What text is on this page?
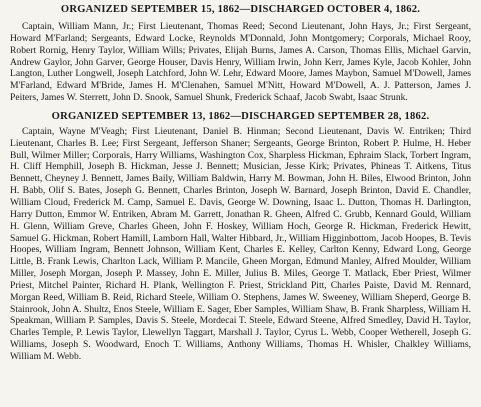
ORGANIZED SEPTEMBER 15, 1862—DISCHARGED OCTOBER 4, 1862.

Captain, William Mann, Jr.; First Lieutenant, Thomas Reed; Second Lieutenant, John Hays, Jr.; First Sergeant, Howard M'Farland; Sergeants, Edward Locke, Reynolds M'Donnald, John Montgomery; Corporals, Michael Rooy, Robert Rornig, Henry Taylor, William Wills; Privates, Elijah Burns, James A. Carson, Thomas Ellis, Michael Garvin, Andrew Gaylor, John Garver, George Houser, Davis Henry, William Irwin, John Kerr, James Kyle, Jacob Kohler, John Langton, Luther Longwell, Joseph Latchford, John W. Lehr, Edward Moore, James Maybon, Samuel M'Dowell, James M'Farland, Edward M'Bride, James H. M'Clenahen, Samuel M'Nitt, Howard M'Dowell, A. J. Patterson, James J. Peiters, James W. Sterrett, John D. Snook, Samuel Shunk, Frederick Schaaf, Jacob Swabt, Isaac Strunk.

ORGANIZED SEPTEMBER 13, 1862—DISCHARGED SEPTEMBER 28, 1862.

Captain, Wayne M'Veagh; First Lieutenant, Daniel B. Hinman; Second Lieutenant, Davis W. Entriken; Third Lieutenant, Charles B. Lee; First Sergeant, Jefferson Shaner; Sergeants, George Brinton, Robert P. Hulme, H. Heber Bull, Wilmer Miller; Corporals, Harry Williams, Washington Cox, Sharpless Hickman, Ephraim Slack, Torbert Ingram, H. Cliff Hemphill, Joseph B. Hickman, Jesse J. Bennett; Musician, Jesse Kirk; Privates, Phineas T. Aitkens, Titus Bennett, Cheyney J. Bennett, James Baily, William Baldwin, Harry M. Bowman, John H. Biles, Elwood Brinton, John H. Babb, Olif S. Bates, Joseph G. Bennett, Charles Brinton, Joseph W. Barnard, Joseph Brinton, David E. Chandler, William Cloud, Frederick M. Camp, Samuel E. Davis, George W. Downing, Isaac L. Dutton, Thomas H. Darlington, Harry Dutton, Emmor W. Entriken, Abram M. Garrett, Jonathan R. Gheen, Alfred C. Grubb, Kennard Gould, William H. Glenn, William Greve, Charles Gheen, John F. Hoskey, William Hoch, George R. Hickman, Frederick Hewitt, Samuel G. Hickman, Robert Hamill, Lamborn Hall, Walter Hibbard, Jr., William Higginbottom, Jacob Hoopes, B. Tevis Hoopes, William Ingram, Bennett Johnson, William Kent, Charles E. Kelley, Carlton Kenny, Edward Long, George Little, B. Frank Lewis, Charlton Lack, William P. Mancile, Gheen Morgan, Edmund Manley, Alfred Moulder, William Miller, Joseph Morgan, Joseph P. Massey, John E. Miller, Julius B. Miles, George T. Matlack, Eber Priest, Wilmer Priest, Mitchel Painter, Richard H. Plank, Wellington F. Priest, Strickland Pitt, Charles Paiste, David M. Rennard, Morgan Reed, William B. Reid, Richard Steele, William O. Stephens, James W. Sweeney, William Sheperd, George B. Stainrook, John A. Shultz, Enos Steele, William E. Sager, Eber Samples, William Shaw, B. Frank Sharpless, William H. Speakman, William P. Samples, Davis S. Steele, Mordecai T. Steele, Edward Steene, Alfred Smedley, David H. Taylor, Charles Temple, P. Lewis Taylor, Llewellyn Taggart, Marshall J. Taylor, Cyrus L. Webb, Cooper Wetherell, Joseph G. Williams, Joseph S. Woodward, Enoch T. Williams, Anthony Williams, Thomas H. Whisler, Chalkley Williams, William M. Webb.
